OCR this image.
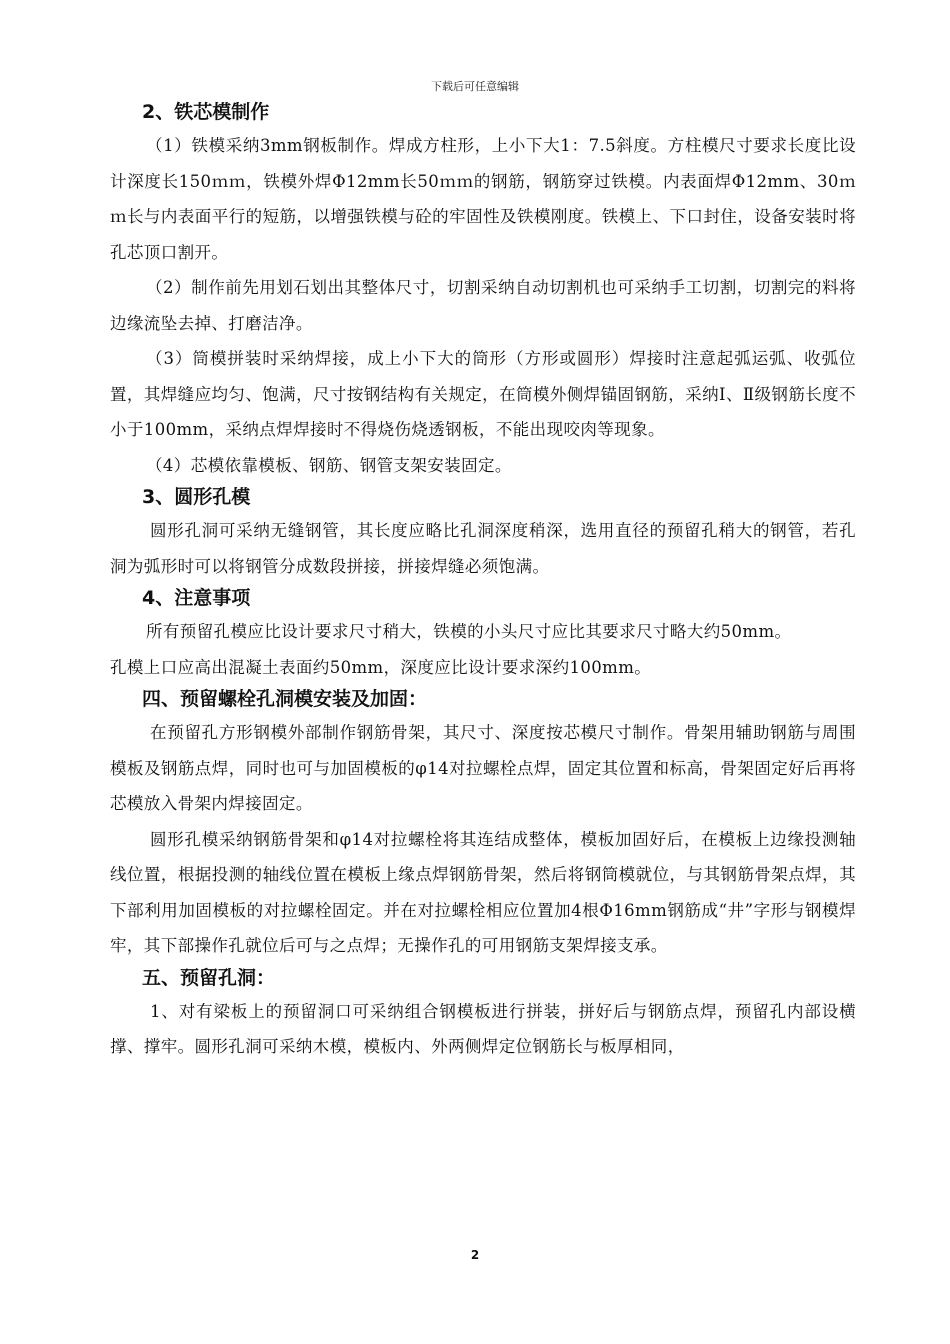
下载后可任意编辑
2、铁芯模制作

（1）铁模采纳3mm钢板制作。焊成方柱形，上小下大1：7.5斜度。方柱模尺寸要求长度比设计深度长150ｍｍ，铁模外焊Φ12mm长50ｍｍ的钢筋，钢筋穿过铁模。内表面焊Φ12mm、30ｍｍ长与内表面平行的短筋，以增强铁模与砼的牢固性及铁模刚度。铁模上、下口封住，设备安装时将孔芯顶口割开。

（2）制作前先用划石划出其整体尺寸，切割采纳自动切割机也可采纳手工切割，切割完的料将边缘流坠去掉、打磨洁净。

（3）筒模拼装时采纳焊接，成上小下大的筒形（方形或圆形）焊接时注意起弧运弧、收弧位置，其焊缝应均匀、饱满，尺寸按钢结构有关规定，在筒模外侧焊锚固钢筋，采纳Ⅰ、Ⅱ级钢筋长度不小于100mm，采纳点焊焊接时不得烧伤烧透钢板，不能出现咬肉等现象。

（4）芯模依靠模板、钢筋、钢管支架安装固定。

3、圆形孔模

圆形孔洞可采纳无缝钢管，其长度应略比孔洞深度稍深，选用直径的预留孔稍大的钢管，若孔洞为弧形时可以将钢管分成数段拼接，拼接焊缝必须饱满。

4、注意事项

所有预留孔模应比设计要求尺寸稍大，铁模的小头尺寸应比其要求尺寸略大约50mm。

孔模上口应高出混凝土表面约50mm，深度应比设计要求深约100mm。

四、预留螺栓孔洞模安装及加固：

在预留孔方形钢模外部制作钢筋骨架，其尺寸、深度按芯模尺寸制作。骨架用辅助钢筋与周围模板及钢筋点焊，同时也可与加固模板的φ14对拉螺栓点焊，固定其位置和标高，骨架固定好后再将芯模放入骨架内焊接固定。

圆形孔模采纳钢筋骨架和φ14对拉螺栓将其连结成整体，模板加固好后，在模板上边缘投测轴线位置，根据投测的轴线位置在模板上缘点焊钢筋骨架，然后将钢筒模就位，与其钢筋骨架点焊，其下部利用加固模板的对拉螺栓固定。并在对拉螺栓相应位置加4根Φ16mm钢筋成“井”字形与钢模焊牢，其下部操作孔就位后可与之点焊；无操作孔的可用钢筋支架焊接支承。

五、预留孔洞：

1、对有梁板上的预留洞口可采纳组合钢模板进行拼装，拼好后与钢筋点焊，预留孔内部设横撑、撑牢。圆形孔洞可采纳木模，模板内、外两侧焊定位钢筋长与板厚相同，

2
